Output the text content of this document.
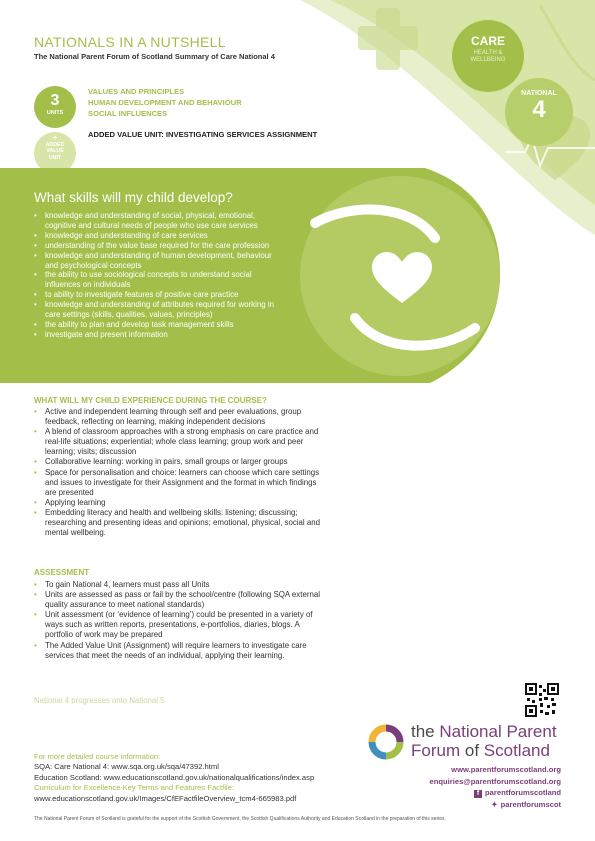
NATIONALS IN A NUTSHELL
The National Parent Forum of Scotland Summary of Care National 4
CARE
HEALTH & WELLBEING
NATIONAL
4
3
UNITS
+
ADDED
VALUE
UNIT
VALUES AND PRINCIPLES
HUMAN DEVELOPMENT AND BEHAVIOUR
SOCIAL INFLUENCES
ADDED VALUE UNIT: INVESTIGATING SERVICES ASSIGNMENT
What skills will my child develop?
• knowledge and understanding of social, physical, emotional, cognitive and cultural needs of people who use care services
• knowledge and understanding of care services
• understanding of the value base required for the care profession
• knowledge and understanding of human development, behaviour and psychological concepts
• the ability to use sociological concepts to understand social influences on individuals
• to ability to investigate features of positive care practice
• knowledge and understanding of attributes required for working in care settings (skills, qualities, values, principles)
• the ability to plan and develop task management skills
• investigate and present information
WHAT WILL MY CHILD EXPERIENCE DURING THE COURSE?
• Active and independent learning through self and peer evaluations, group feedback, reflecting on learning, making independent decisions
• A blend of classroom approaches with a strong emphasis on care practice and real-life situations; experiential; whole class learning; group work and peer learning; visits; discussion
• Collaborative learning: working in pairs, small groups or larger groups
• Space for personalisation and choice: learners can choose which care settings and issues to investigate for their Assignment and the format in which findings are presented
• Applying learning
• Embedding literacy and health and wellbeing skills: listening; discussing; researching and presenting ideas and opinions; emotional, physical, social and mental wellbeing.
ASSESSMENT
• To gain National 4, learners must pass all Units
• Units are assessed as pass or fail by the school/centre (following SQA external quality assurance to meet national standards)
• Unit assessment (or ‘evidence of learning’) could be presented in a variety of ways such as written reports, presentations, e-portfolios, diaries, blogs. A portfolio of work may be prepared
• The Added Value Unit (Assignment) will require learners to investigate care services that meet the needs of an individual, applying their learning.
National 4 progresses onto National 5
the National Parent
Forum of Scotland
www.parentforumscotland.org
enquiries@parentforumscotland.org
f parentforumscotland
✦ parentforumscot
For more detailed course information:
SQA: Care National 4: www.sqa.org.uk/sqa/47392.html
Education Scotland: www.educationscotland.gov.uk/nationalqualifications/index.asp
Curriculum for Excellence Key Terms and Features Factfile:
www.educationscotland.gov.uk/Images/CfEFactfileOverview_tcm4-665983.pdf
The National Parent Forum of Scotland is grateful for the support of the Scottish Government, the Scottish Qualifications Authority and Education Scotland in the preparation of this series.
